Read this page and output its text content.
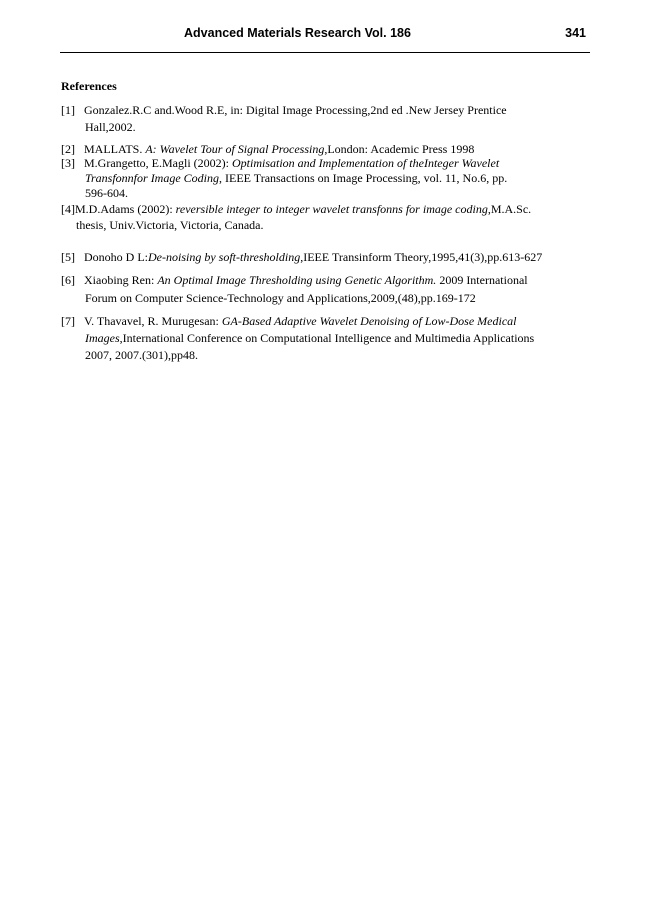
Advanced Materials Research Vol. 186	341
References
[1] Gonzalez.R.C and.Wood R.E, in: Digital Image Processing,2nd ed .New Jersey Prentice
Hall,2002.
[2] MALLATS. A: Wavelet Tour of Signal Processing,London: Academic Press 1998
[3] M.Grangetto, E.Magli (2002): Optimisation and Implementation of theInteger Wavelet
Transfonnfor Image Coding, IEEE Transactions on Image Processing, vol. 11, No.6, pp.
596-604.
[4]M.D.Adams (2002): reversible integer to integer wavelet transfonns for image coding,M.A.Sc.
thesis, Univ.Victoria, Victoria, Canada.
[5] Donoho D L:De-noising by soft-thresholding,IEEE Transinform Theory,1995,41(3),pp.613-627
[6] Xiaobing Ren: An Optimal Image Thresholding using Genetic Algorithm. 2009 International
Forum on Computer Science-Technology and Applications,2009,(48),pp.169-172
[7] V. Thavavel, R. Murugesan: GA-Based Adaptive Wavelet Denoising of Low-Dose Medical
Images,International Conference on Computational Intelligence and Multimedia Applications
2007, 2007.(301),pp48.
